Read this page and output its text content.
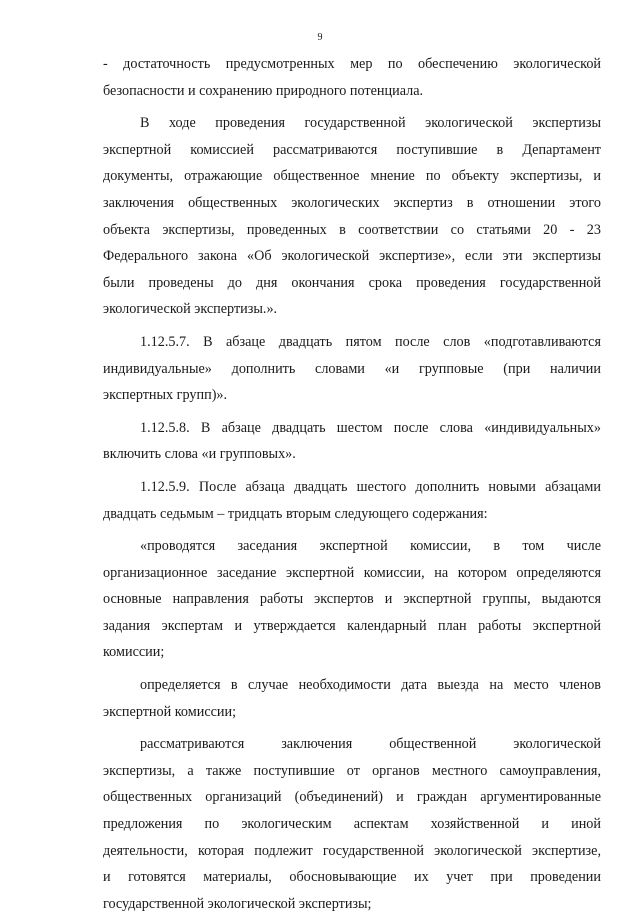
9
- достаточность предусмотренных мер по обеспечению экологической
безопасности и сохранению природного потенциала.
В ходе проведения государственной экологической экспертизы
экспертной комиссией рассматриваются поступившие в Департамент
документы, отражающие общественное мнение по объекту экспертизы, и
заключения общественных экологических экспертиз в отношении этого
объекта экспертизы, проведенных в соответствии со статьями 20 - 23
Федерального закона «Об экологической экспертизе», если эти экспертизы
были проведены до дня окончания срока проведения государственной
экологической экспертизы.».
1.12.5.7. В абзаце двадцать пятом после слов «подготавливаются
индивидуальные» дополнить словами «и групповые (при наличии
экспертных групп)».
1.12.5.8. В абзаце двадцать шестом после слова «индивидуальных»
включить слова «и групповых».
1.12.5.9. После абзаца двадцать шестого дополнить новыми абзацами
двадцать седьмым – тридцать вторым следующего содержания:
«проводятся заседания экспертной комиссии, в том числе
организационное заседание экспертной комиссии, на котором определяются
основные направления работы экспертов и экспертной группы, выдаются
задания экспертам и утверждается календарный план работы экспертной
комиссии;
определяется в случае необходимости дата выезда на место членов
экспертной комиссии;
рассматриваются заключения общественной экологической
экспертизы, а также поступившие от органов местного самоуправления,
общественных организаций (объединений) и граждан аргументированные
предложения по экологическим аспектам хозяйственной и иной
деятельности, которая подлежит государственной экологической экспертизе,
и готовятся материалы, обосновывающие их учет при проведении
государственной экологической экспертизы;
